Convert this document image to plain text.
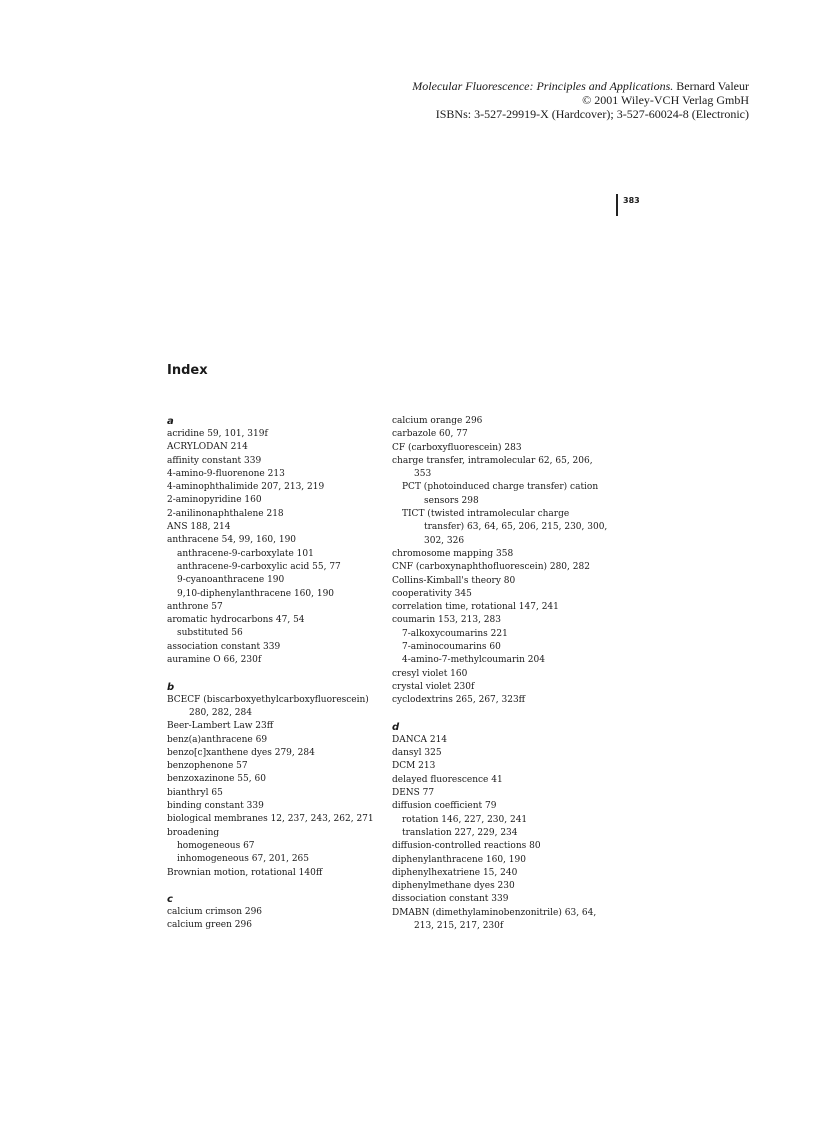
Molecular Fluorescence: Principles and Applications. Bernard Valeur
© 2001 Wiley-VCH Verlag GmbH
ISBNs: 3-527-29919-X (Hardcover); 3-527-60024-8 (Electronic)
383
Index
a
acridine 59, 101, 319f
ACRYLODAN 214
affinity constant 339
4-amino-9-fluorenone 213
4-aminophthalimide 207, 213, 219
2-aminopyridine 160
2-anilinonaphthalene 218
ANS 188, 214
anthracene 54, 99, 160, 190
anthracene-9-carboxylate 101
anthracene-9-carboxylic acid 55, 77
9-cyanoanthracene 190
9,10-diphenylanthracene 160, 190
anthrone 57
aromatic hydrocarbons 47, 54
substituted 56
association constant 339
auramine O 66, 230f
b
BCECF (biscarboxyethylcarboxyfluorescein) 280, 282, 284
Beer-Lambert Law 23ff
benz(a)anthracene 69
benzo[c]xanthene dyes 279, 284
benzophenone 57
benzoxazinone 55, 60
bianthryl 65
binding constant 339
biological membranes 12, 237, 243, 262, 271
broadening
homogeneous 67
inhomogeneous 67, 201, 265
Brownian motion, rotational 140ff
c
calcium crimson 296
calcium green 296
calcium orange 296
carbazole 60, 77
CF (carboxyfluorescein) 283
charge transfer, intramolecular 62, 65, 206, 353
PCT (photoinduced charge transfer) cation sensors 298
TICT (twisted intramolecular charge transfer) 63, 64, 65, 206, 215, 230, 300, 302, 326
chromosome mapping 358
CNF (carboxynaphthofluorescein) 280, 282
Collins-Kimball's theory 80
cooperativity 345
correlation time, rotational 147, 241
coumarin 153, 213, 283
7-alkoxycoumarins 221
7-aminocoumarins 60
4-amino-7-methylcoumarin 204
cresyl violet 160
crystal violet 230f
cyclodextrins 265, 267, 323ff
d
DANCA 214
dansyl 325
DCM 213
delayed fluorescence 41
DENS 77
diffusion coefficient 79
rotation 146, 227, 230, 241
translation 227, 229, 234
diffusion-controlled reactions 80
diphenylanthracene 160, 190
diphenylhexatriene 15, 240
diphenylmethane dyes 230
dissociation constant 339
DMABN (dimethylaminobenzonitrile) 63, 64, 213, 215, 217, 230f
